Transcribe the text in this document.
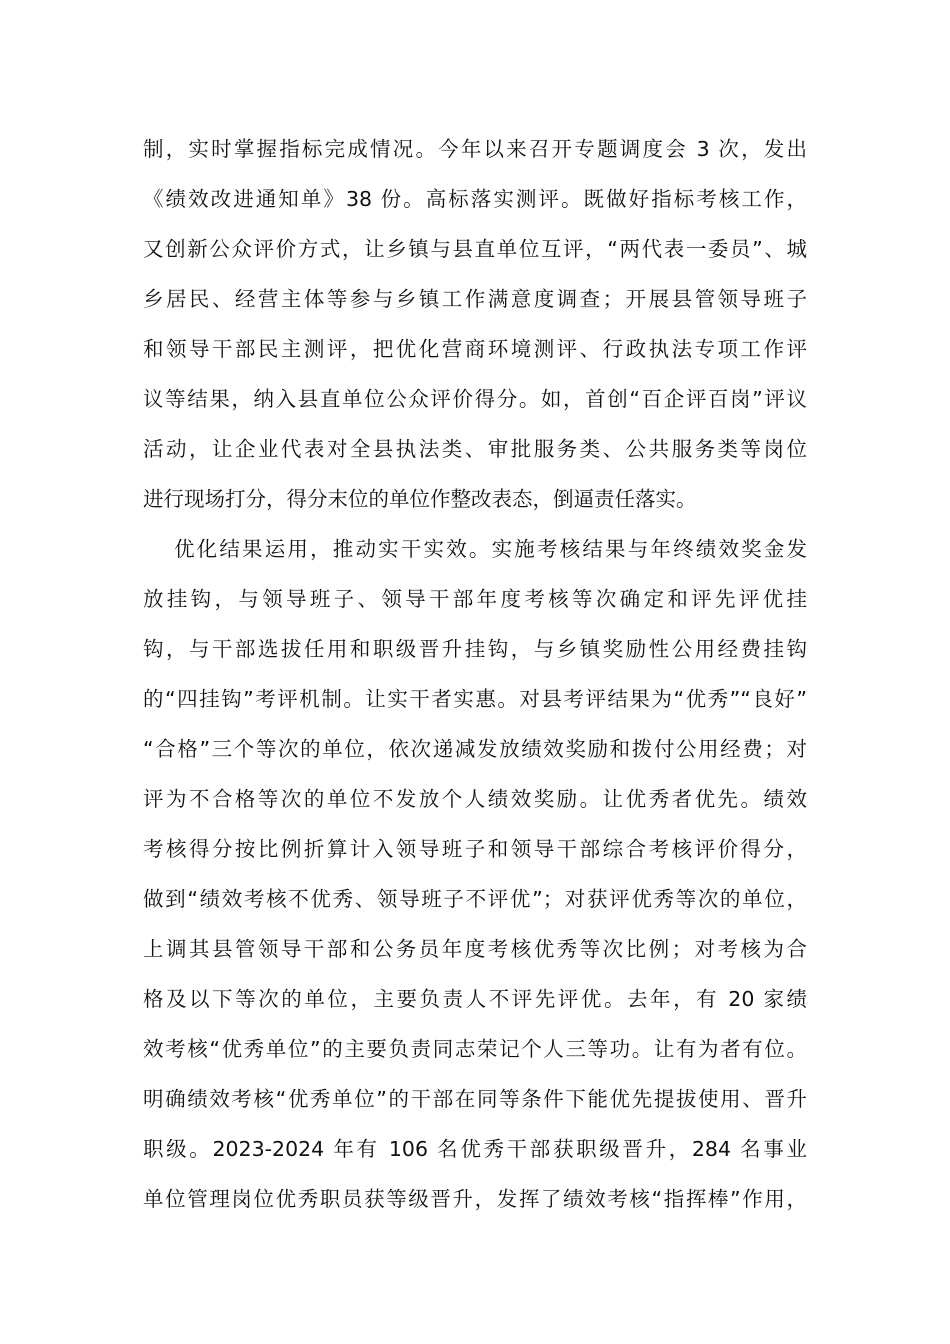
制，实时掌握指标完成情况。今年以来召开专题调度会 3 次，发出
《绩效改进通知单》38 份。高标落实测评。既做好指标考核工作，
又创新公众评价方式，让乡镇与县直单位互评，“两代表一委员”、城
乡居民、经营主体等参与乡镇工作满意度调查；开展县管领导班子
和领导干部民主测评，把优化营商环境测评、行政执法专项工作评
议等结果，纳入县直单位公众评价得分。如，首创“百企评百岗”评议
活动，让企业代表对全县执法类、审批服务类、公共服务类等岗位
进行现场打分，得分末位的单位作整改表态，倒逼责任落实。
优化结果运用，推动实干实效。实施考核结果与年终绩效奖金发
放挂钩，与领导班子、领导干部年度考核等次确定和评先评优挂
钩，与干部选拔任用和职级晋升挂钩，与乡镇奖励性公用经费挂钩
的“四挂钩”考评机制。让实干者实惠。对县考评结果为“优秀”“良好”
“合格”三个等次的单位，依次递减发放绩效奖励和拨付公用经费；对
评为不合格等次的单位不发放个人绩效奖励。让优秀者优先。绩效
考核得分按比例折算计入领导班子和领导干部综合考核评价得分，
做到“绩效考核不优秀、领导班子不评优”；对获评优秀等次的单位，
上调其县管领导干部和公务员年度考核优秀等次比例；对考核为合
格及以下等次的单位，主要负责人不评先评优。去年，有 20 家绩
效考核“优秀单位”的主要负责同志荣记个人三等功。让有为者有位。
明确绩效考核“优秀单位”的干部在同等条件下能优先提拔使用、晋升
职级。2023-2024 年有 106 名优秀干部获职级晋升，284 名事业
单位管理岗位优秀职员获等级晋升，发挥了绩效考核“指挥棒”作用，
